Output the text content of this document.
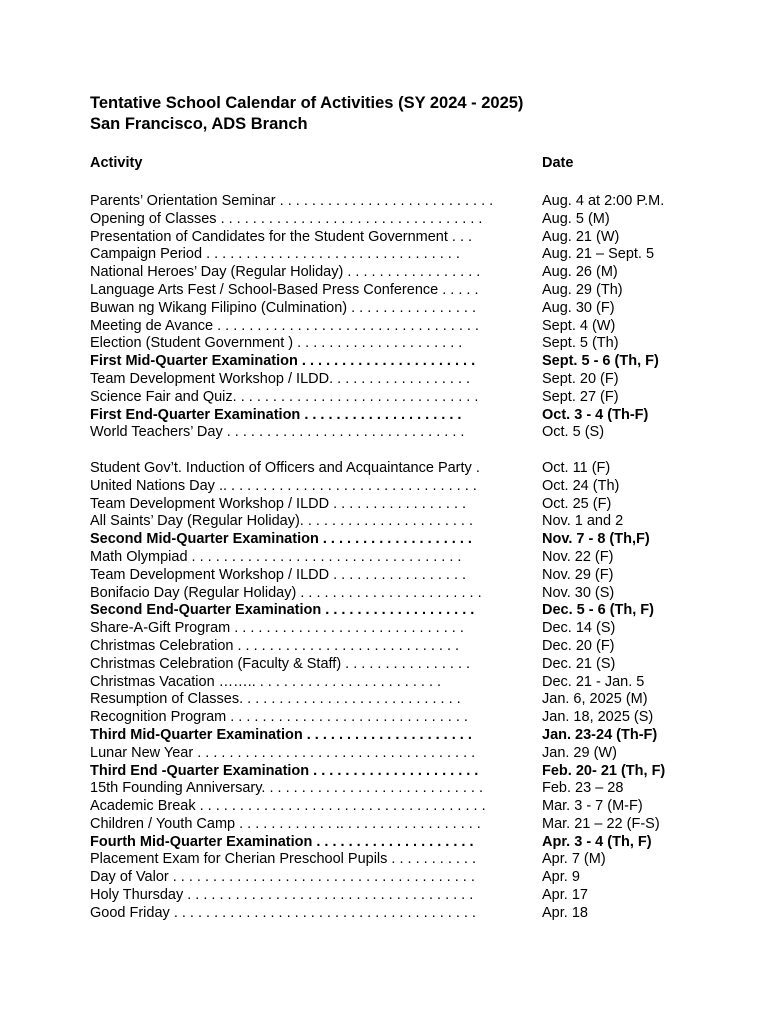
Tentative School Calendar of Activities (SY 2024 - 2025)
San Francisco, ADS Branch
Activity	Date
Parents’ Orientation Seminar . . . . . . . . . . . . . . . . . . . . . . . . . . .	Aug. 4 at 2:00 P.M.
Opening of Classes . . . . . . . . . . . . . . . . . . . . . . . . . . . . . . . . .	Aug. 5 (M)
Presentation of Candidates for the Student Government . . .	Aug. 21 (W)
Campaign Period . . . . . . . . . . . . . . . . . . . . . . . . . . . . . . . .	Aug. 21 – Sept. 5
National Heroes’ Day (Regular Holiday) . . . . . . . . . . . . . . . . .	Aug. 26 (M)
Language Arts Fest / School-Based Press Conference . . . . .	Aug. 29 (Th)
Buwan ng Wikang Filipino (Culmination) . . . . . . . . . . . . . . . .	Aug. 30 (F)
Meeting de Avance . . . . . . . . . . . . . . . . . . . . . . . . . . . . . . . . .	Sept. 4 (W)
Election (Student Government ) . . . . . . . . . . . . . . . . . . . . .	Sept. 5 (Th)
First Mid-Quarter Examination . . . . . . . . . . . . . . . . . . . . . .	Sept. 5 - 6 (Th, F)
Team Development Workshop / ILDD. . . . . . . . . . . . . . . . . .	Sept. 20 (F)
Science Fair and Quiz. . . . . . . . . . . . . . . . . . . . . . . . . . . . . . .	Sept. 27 (F)
First End-Quarter Examination . . . . . . . . . . . . . . . . . . . .	Oct. 3 - 4 (Th-F)
World Teachers’ Day . . . . . . . . . . . . . . . . . . . . . . . . . . . . . .	Oct. 5 (S)
Student Gov’t. Induction of Officers and Acquaintance Party .	Oct. 11 (F)
United Nations Day .. . . . . . . . . . . . . . . . . . . . . . . . . . . . . . . .	Oct. 24 (Th)
Team Development Workshop / ILDD . . . . . . . . . . . . . . . . .	Oct. 25 (F)
All Saints’ Day (Regular Holiday). . . . . . . . . . . . . . . . . . . . . .	Nov. 1 and 2
Second Mid-Quarter Examination . . . . . . . . . . . . . . . . . . .	Nov. 7 - 8 (Th,F)
Math Olympiad . . . . . . . . . . . . . . . . . . . . . . . . . . . . . . . . . .	Nov. 22 (F)
Team Development Workshop / ILDD . . . . . . . . . . . . . . . . .	Nov. 29 (F)
Bonifacio Day (Regular Holiday) . . . . . . . . . . . . . . . . . . . . . . .	Nov. 30 (S)
Second End-Quarter Examination . . . . . . . . . . . . . . . . . . .	Dec. 5 - 6 (Th, F)
Share-A-Gift Program . . . . . . . . . . . . . . . . . . . . . . . . . . . . .	Dec. 14 (S)
Christmas Celebration . . . . . . . . . . . . . . . . . . . . . . . . . . . .	Dec. 20 (F)
Christmas Celebration (Faculty & Staff) . . . . . . . . . . . . . . . .	Dec. 21 (S)
Christmas Vacation …….. . . . . . . . . . . . . . . . . . . . . . . .	Dec. 21 - Jan. 5
Resumption of Classes. . . . . . . . . . . . . . . . . . . . . . . . . . . .	Jan. 6, 2025 (M)
Recognition Program . . . . . . . . . . . . . . . . . . . . . . . . . . . . . .	Jan. 18, 2025 (S)
Third Mid-Quarter Examination . . . . . . . . . . . . . . . . . . . . .	Jan. 23-24 (Th-F)
Lunar New Year . . . . . . . . . . . . . . . . . . . . . . . . . . . . . . . . . . .	Jan. 29 (W)
Third End -Quarter Examination . . . . . . . . . . . . . . . . . . . . .	Feb. 20- 21 (Th, F)
15th Founding Anniversary. . . . . . . . . . . . . . . . . . . . . . . . . . . .	Feb. 23 – 28
Academic Break . . . . . . . . . . . . . . . . . . . . . . . . . . . . . . . . . . . .	Mar. 3 - 7 (M-F)
Children / Youth Camp . . . . . . . . . . . . .. . . . . . . . . . . . . . . . . .	Mar. 21 – 22 (F-S)
Fourth Mid-Quarter Examination . . . . . . . . . . . . . . . . . . . .	Apr. 3 - 4 (Th, F)
Placement Exam for Cherian Preschool Pupils . . . . . . . . . . .	Apr. 7 (M)
Day of Valor . . . . . . . . . . . . . . . . . . . . . . . . . . . . . . . . . . . . . .	Apr. 9
Holy Thursday . . . . . . . . . . . . . . . . . . . . . . . . . . . . . . . . . . . .	Apr. 17
Good Friday . . . . . . . . . . . . . . . . . . . . . . . . . . . . . . . . . . . . . .	Apr. 18
